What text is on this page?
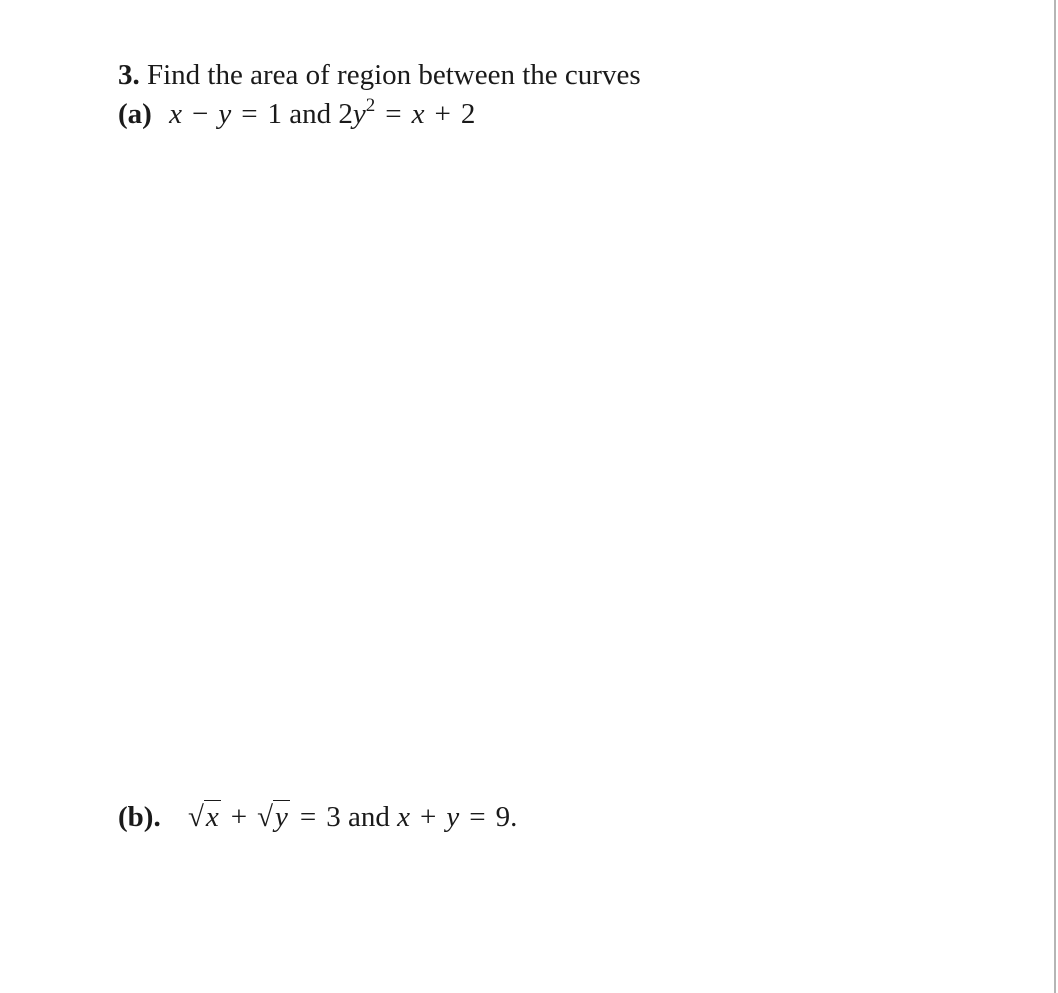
3. Find the area of region between the curves
(a) x − y = 1 and $2y^2 = x + 2$
(b). √x + √y = 3 and x + y = 9.
